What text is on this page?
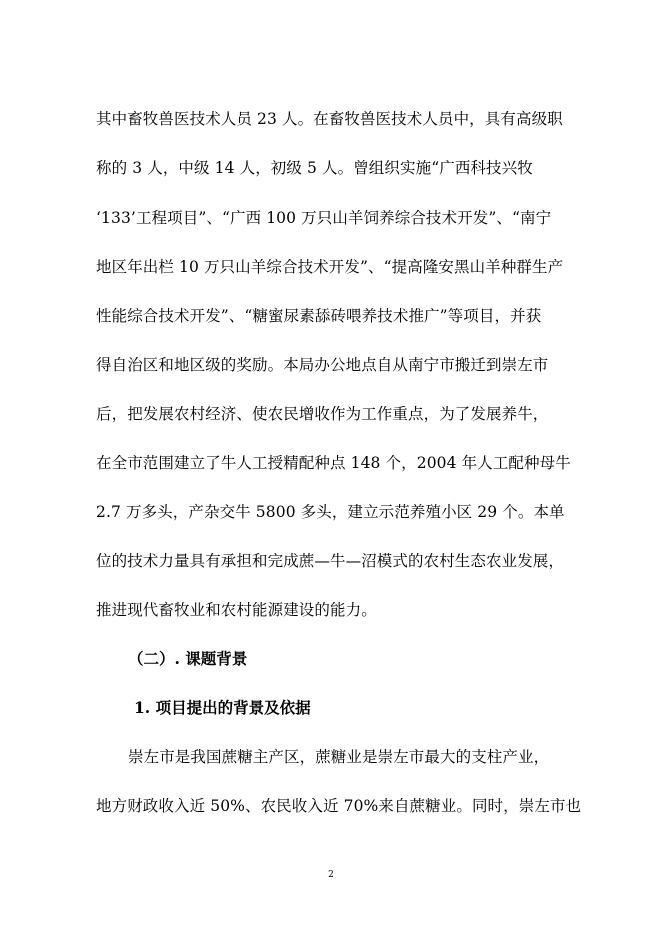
其中畜牧兽医技术人员 23 人。在畜牧兽医技术人员中，具有高级职
称的 3 人，中级 14 人，初级 5 人。曾组织实施“广西科技兴牧
‘133’工程项目”、“广西 100 万只山羊饲养综合技术开发”、“南宁
地区年出栏 10 万只山羊综合技术开发”、“提高隆安黑山羊种群生产
性能综合技术开发”、“糖蜜尿素舔砖喂养技术推广”等项目，并获
得自治区和地区级的奖励。本局办公地点自从南宁市搬迁到崇左市
后，把发展农村经济、使农民增收作为工作重点，为了发展养牛，
在全市范围建立了牛人工授精配种点 148 个，2004 年人工配种母牛
2.7 万多头，产杂交牛 5800 多头，建立示范养殖小区 29 个。本单
位的技术力量具有承担和完成蔗—牛—沼模式的农村生态农业发展，
推进现代畜牧业和农村能源建设的能力。
（二）. 课题背景
1. 项目提出的背景及依据
崇左市是我国蔗糖主产区，蔗糖业是崇左市最大的支柱产业，
地方财政收入近 50%、农民收入近 70%来自蔗糖业。同时，崇左市也
2
